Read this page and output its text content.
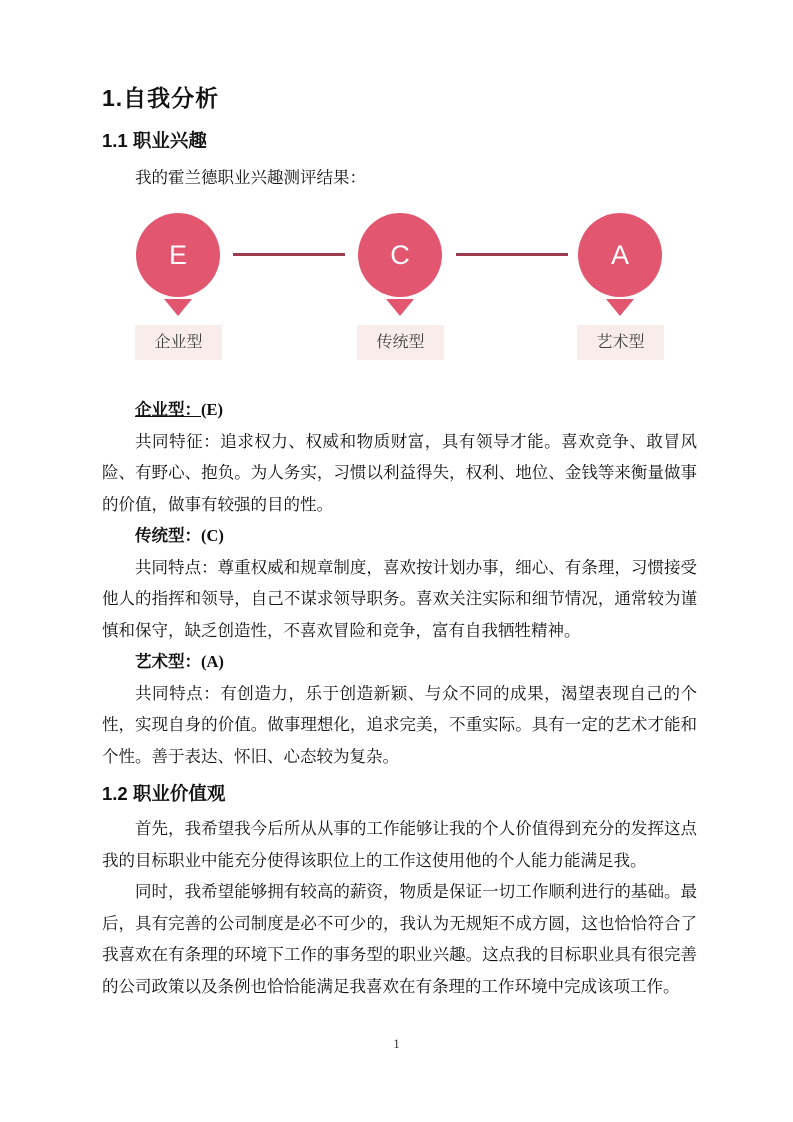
1.自我分析
1.1 职业兴趣

我的霍兰德职业兴趣测评结果：

E	C	A
企业型	传统型	艺术型
企业型：(E)

共同特征：追求权力、权威和物质财富，具有领导才能。喜欢竞争、敢冒风险、有野心、抱负。为人务实，习惯以利益得失，权利、地位、金钱等来衡量做事的价值，做事有较强的目的性。

传统型：(C)

共同特点：尊重权威和规章制度，喜欢按计划办事，细心、有条理，习惯接受他人的指挥和领导，自己不谋求领导职务。喜欢关注实际和细节情况，通常较为谨慎和保守，缺乏创造性，不喜欢冒险和竞争，富有自我牺牲精神。

艺术型：(A)

共同特点：有创造力，乐于创造新颖、与众不同的成果，渴望表现自己的个性，实现自身的价值。做事理想化，追求完美，不重实际。具有一定的艺术才能和个性。善于表达、怀旧、心态较为复杂。

1.2 职业价值观

首先，我希望我今后所从从事的工作能够让我的个人价值得到充分的发挥这点我的目标职业中能充分使得该职位上的工作这使用他的个人能力能满足我。

同时，我希望能够拥有较高的薪资，物质是保证一切工作顺利进行的基础。最后，具有完善的公司制度是必不可少的，我认为无规矩不成方圆，这也恰恰符合了我喜欢在有条理的环境下工作的事务型的职业兴趣。这点我的目标职业具有很完善的公司政策以及条例也恰恰能满足我喜欢在有条理的工作环境中完成该项工作。

1
